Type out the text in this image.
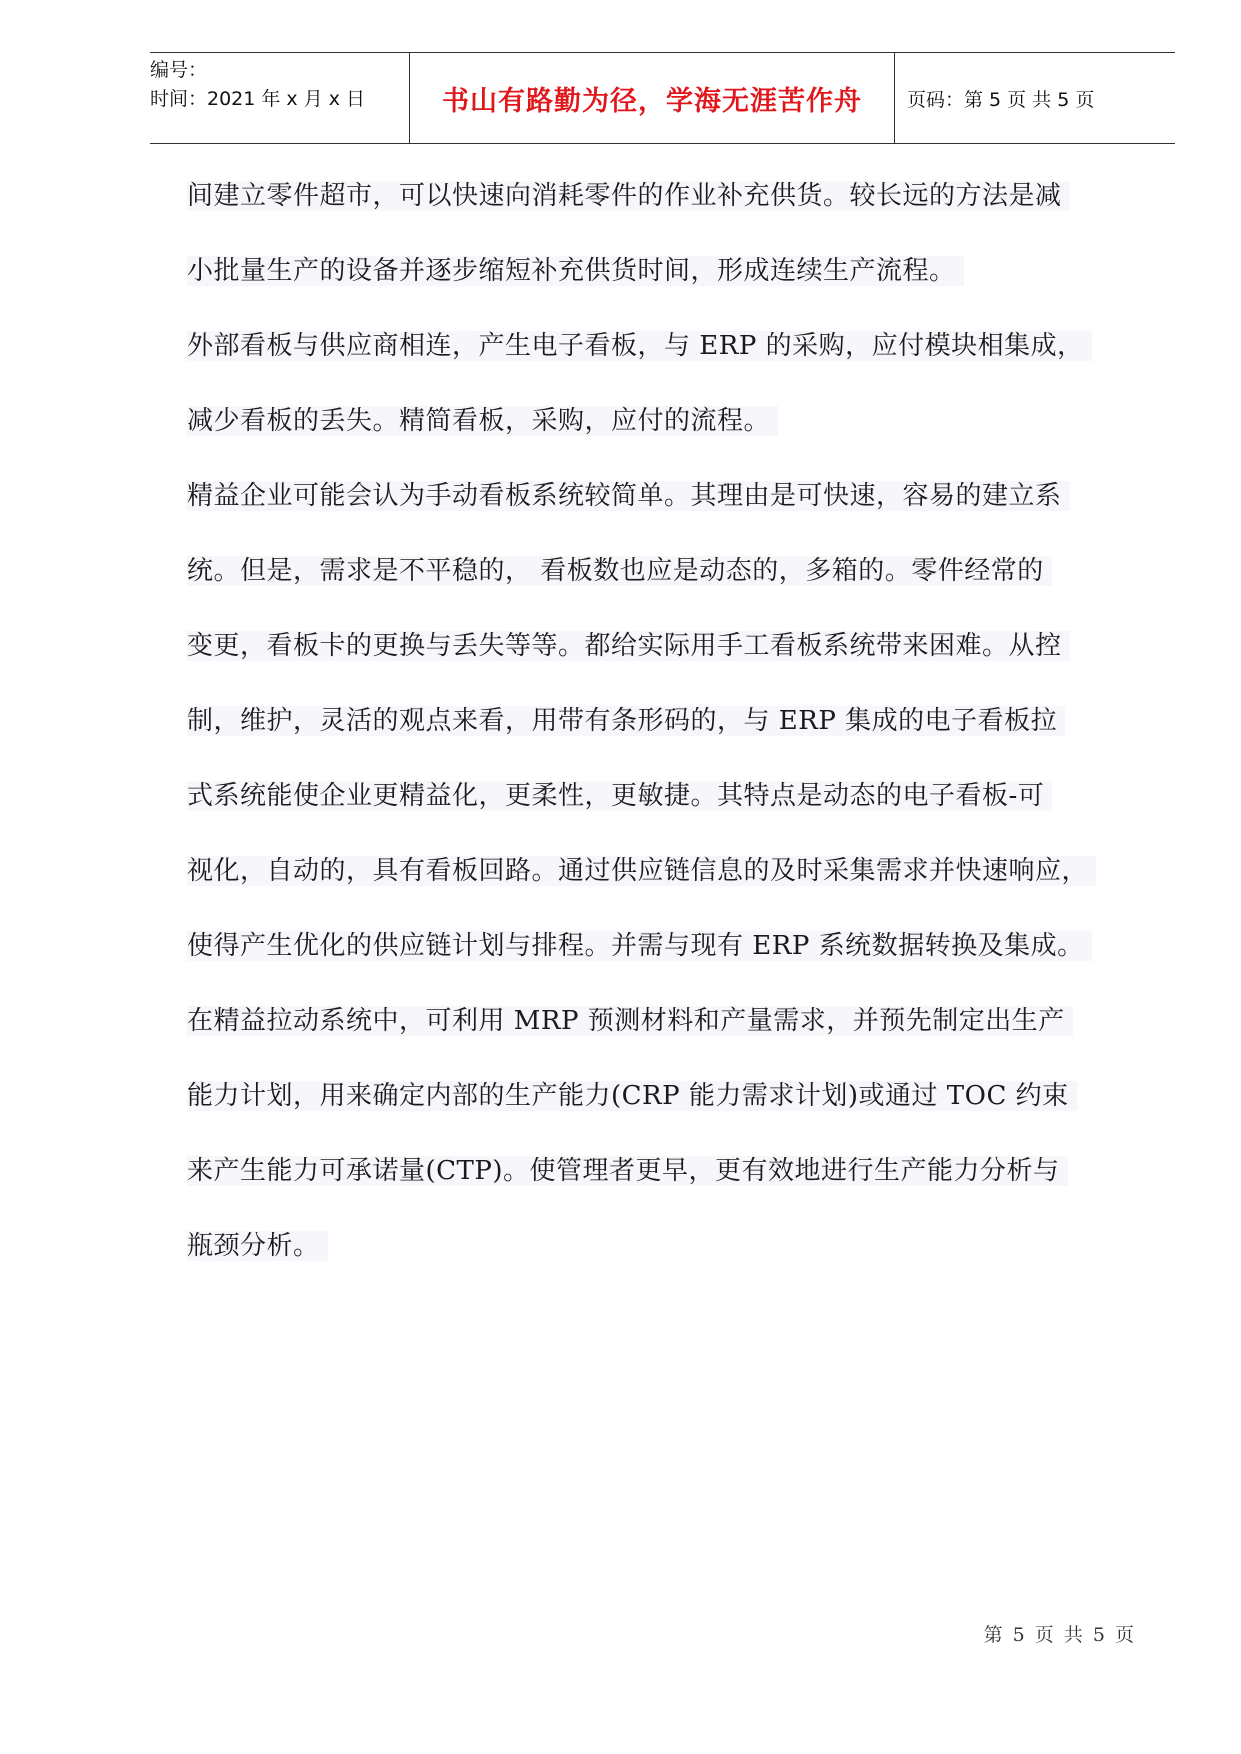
编号：
时间：2021 年 x 月 x 日	书山有路勤为径，学海无涯苦作舟 页码：第 5 页 共 5 页
间建立零件超市，可以快速向消耗零件的作业补充供货。较长远的方法是减
小批量生产的设备并逐步缩短补充供货时间，形成连续生产流程。
外部看板与供应商相连，产生电子看板，与 ERP 的采购，应付模块相集成，
减少看板的丢失。精简看板，采购，应付的流程。
精益企业可能会认为手动看板系统较简单。其理由是可快速，容易的建立系
统。但是，需求是不平稳的， 看板数也应是动态的，多箱的。零件经常的
变更，看板卡的更换与丢失等等。都给实际用手工看板系统带来困难。从控
制，维护，灵活的观点来看，用带有条形码的，与 ERP 集成的电子看板拉
式系统能使企业更精益化，更柔性，更敏捷。其特点是动态的电子看板-可
视化，自动的，具有看板回路。通过供应链信息的及时采集需求并快速响应，
使得产生优化的供应链计划与排程。并需与现有 ERP 系统数据转换及集成。
在精益拉动系统中，可利用 MRP 预测材料和产量需求，并预先制定出生产
能力计划，用来确定内部的生产能力(CRP 能力需求计划)或通过 TOC 约束
来产生能力可承诺量(CTP)。使管理者更早，更有效地进行生产能力分析与
瓶颈分析。
第 5 页 共 5 页
